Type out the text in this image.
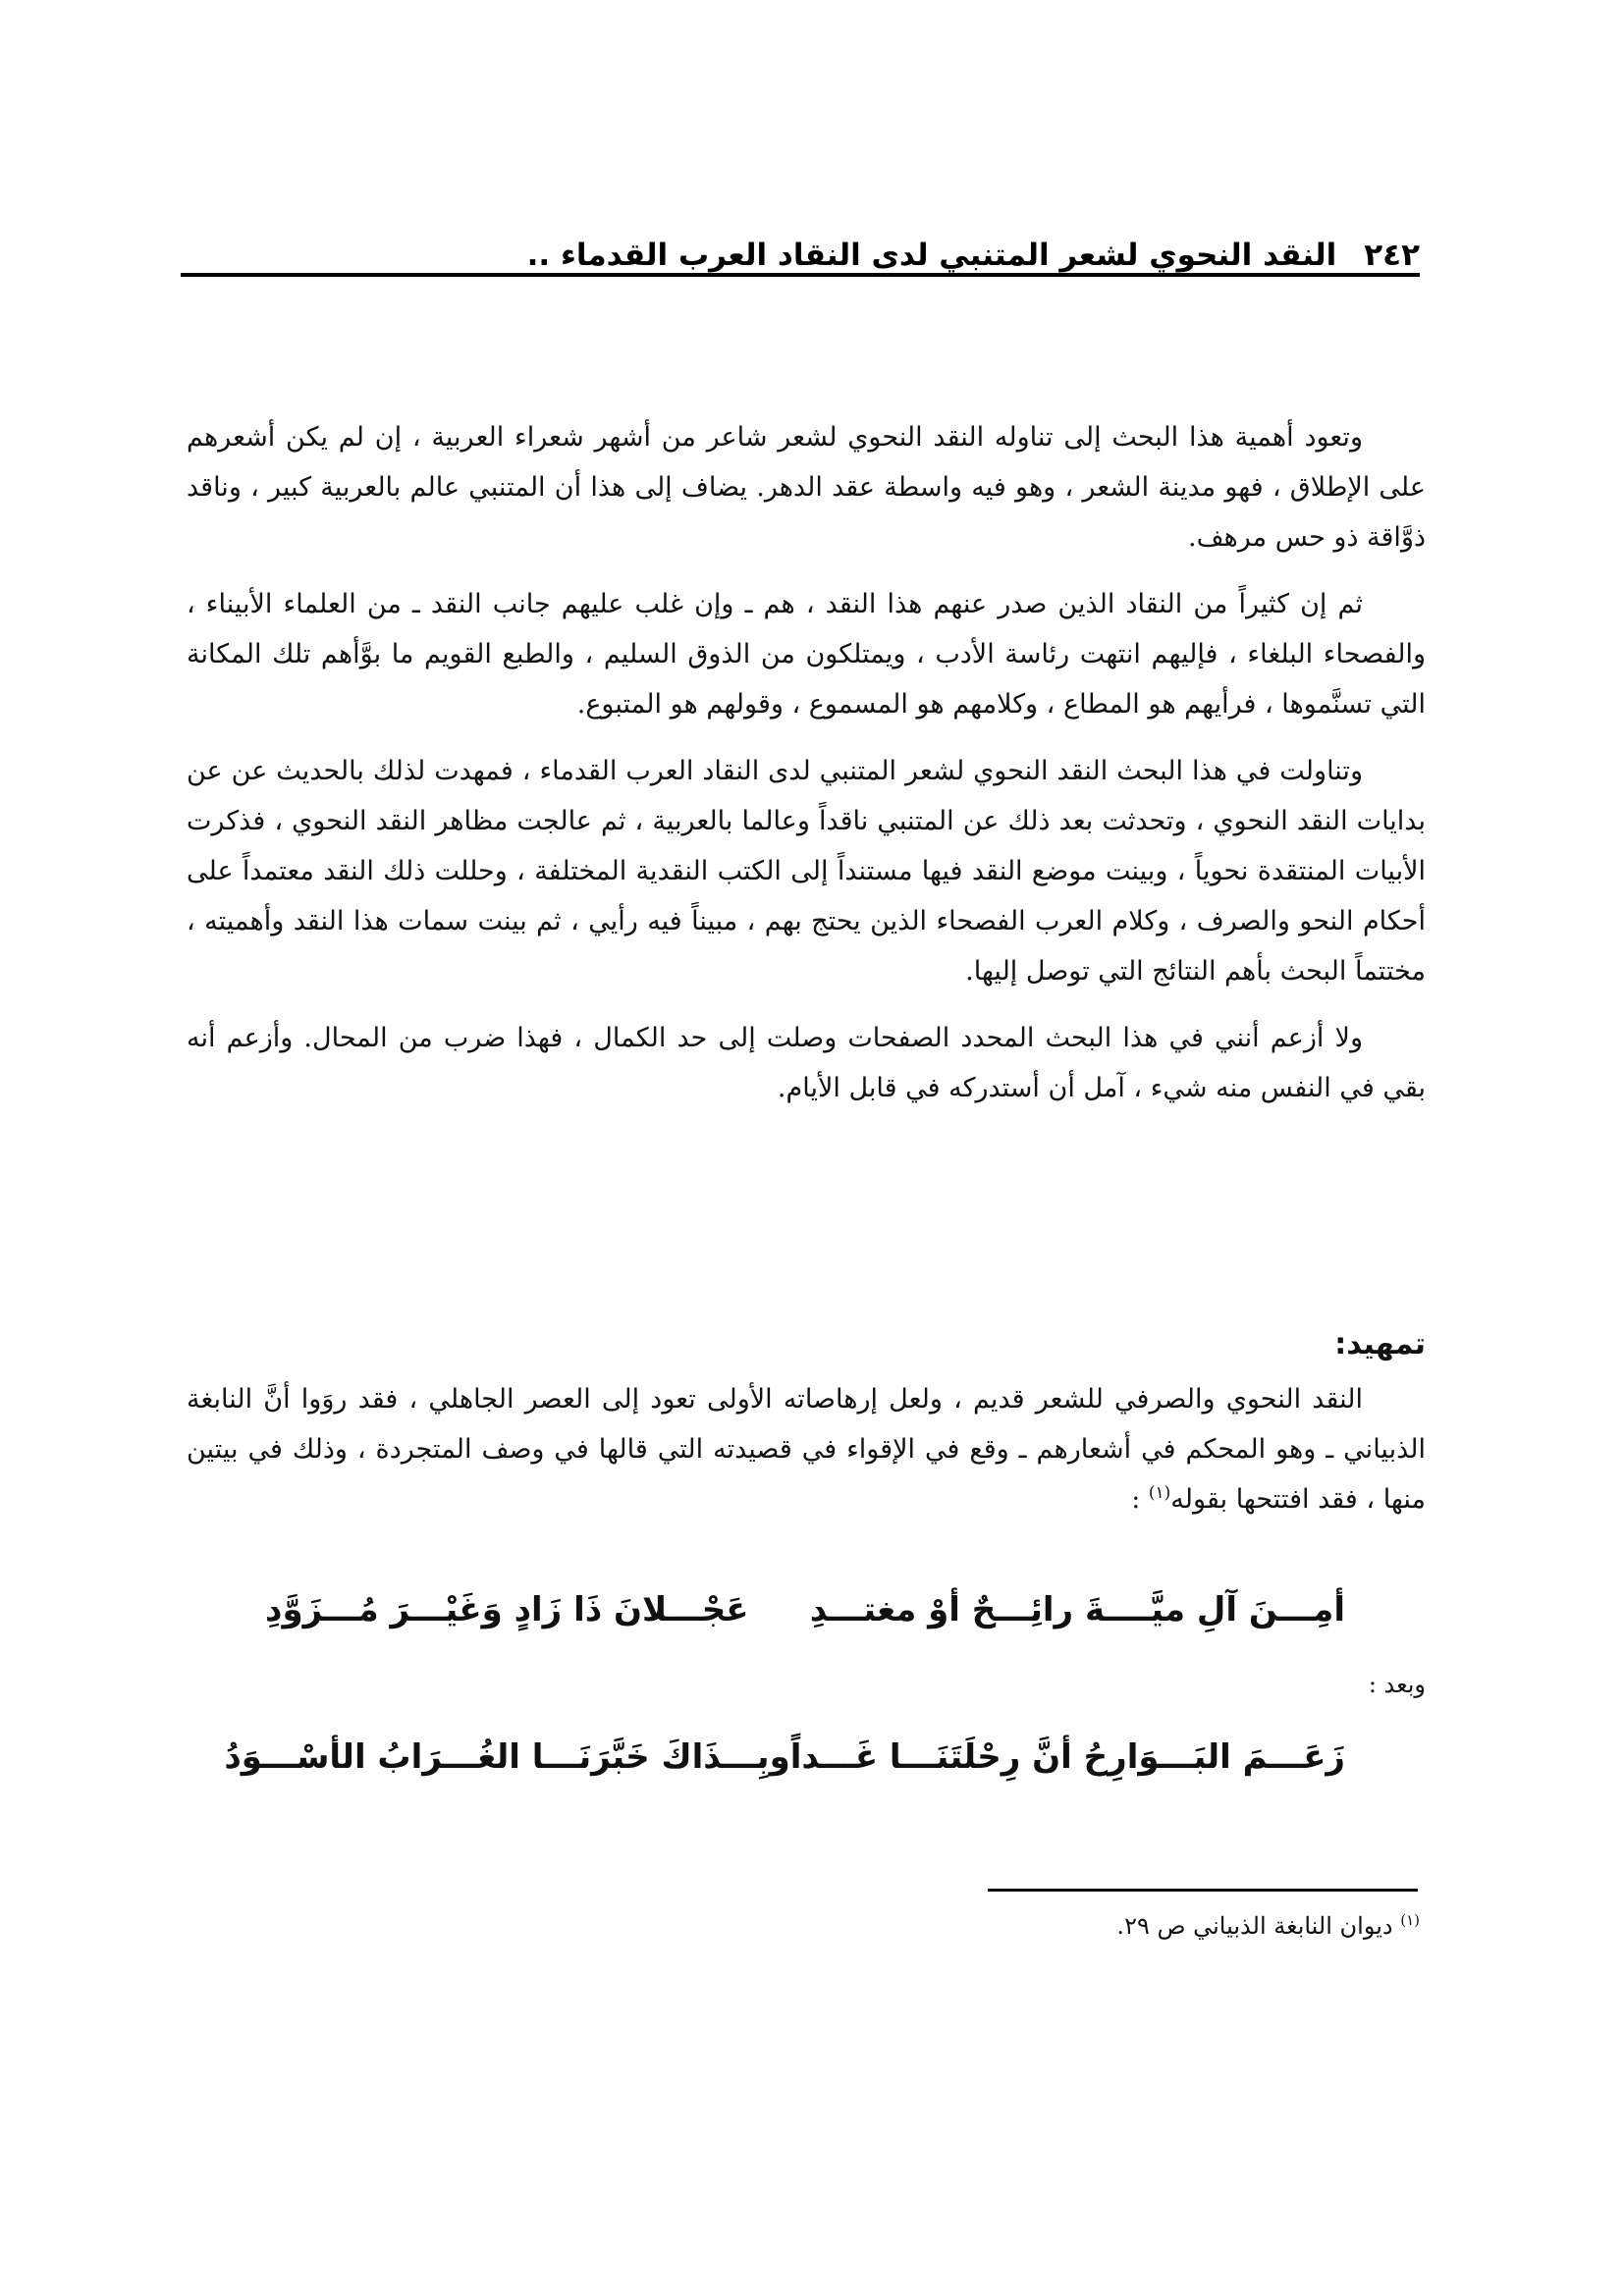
٢٤٢
النقد النحوي لشعر المتنبي لدى النقاد العرب القدماء ..

وتعود أهمية هذا البحث إلى تناوله النقد النحوي لشعر شاعر من أشهر شعراء العربية ، إن لم يكن أشعرهم على الإطلاق ، فهو مدينة الشعر ، وهو فيه واسطة عقد الدهر. يضاف إلى هذا أن المتنبي عالم بالعربية كبير ، وناقد ذوَّاقة ذو حس مرهف.

ثم إن كثيراً من النقاد الذين صدر عنهم هذا النقد ، هم ـ وإن غلب عليهم جانب النقد ـ من العلماء الأبيناء ، والفصحاء البلغاء ، فإليهم انتهت رئاسة الأدب ، ويمتلكون من الذوق السليم ، والطبع القويم ما بوَّأهم تلك المكانة التي تسنَّموها ، فرأيهم هو المطاع ، وكلامهم هو المسموع ، وقولهم هو المتبوع.

وتناولت في هذا البحث النقد النحوي لشعر المتنبي لدى النقاد العرب القدماء ، فمهدت لذلك بالحديث عن عن بدايات النقد النحوي ، وتحدثت بعد ذلك عن المتنبي ناقداً وعالما بالعربية ، ثم عالجت مظاهر النقد النحوي ، فذكرت الأبيات المنتقدة نحوياً ، وبينت موضع النقد فيها مستنداً إلى الكتب النقدية المختلفة ، وحللت ذلك النقد معتمداً على أحكام النحو والصرف ، وكلام العرب الفصحاء الذين يحتج بهم ، مبيناً فيه رأيي ، ثم بينت سمات هذا النقد وأهميته ، مختتماً البحث بأهم النتائج التي توصل إليها.

ولا أزعم أنني في هذا البحث المحدد الصفحات وصلت إلى حد الكمال ، فهذا ضرب من المحال. وأزعم أنه بقي في النفس منه شيء ، آمل أن أستدركه في قابل الأيام.

تمهيد:

النقد النحوي والصرفي للشعر قديم ، ولعل إرهاصاته الأولى تعود إلى العصر الجاهلي ، فقد روَوا أنَّ النابغة الذبياني ـ وهو المحكم في أشعارهم ـ وقع في الإقواء في قصيدته التي قالها في وصف المتجردة ، وذلك في بيتين منها ، فقد افتتحها بقوله$^{(١)}$ :

أمِـــنَ آلِ ميَّــــةَ رائِـــحٌ أوْ مغتـــدِ
عَجْـــلانَ ذَا زَادٍ وَغَيْـــرَ مُـــزَوَّدِ
وبعد :
زَعَـــمَ البَـــوَارِحُ أنَّ رِحْلَتَنَـــا غَـــداً
وبِـــذَاكَ خَبَّرَنَـــا الغُـــرَابُ الأسْـــوَدُ
$^{(١)}$ ديوان النابغة الذبياني ص ٢٩.
